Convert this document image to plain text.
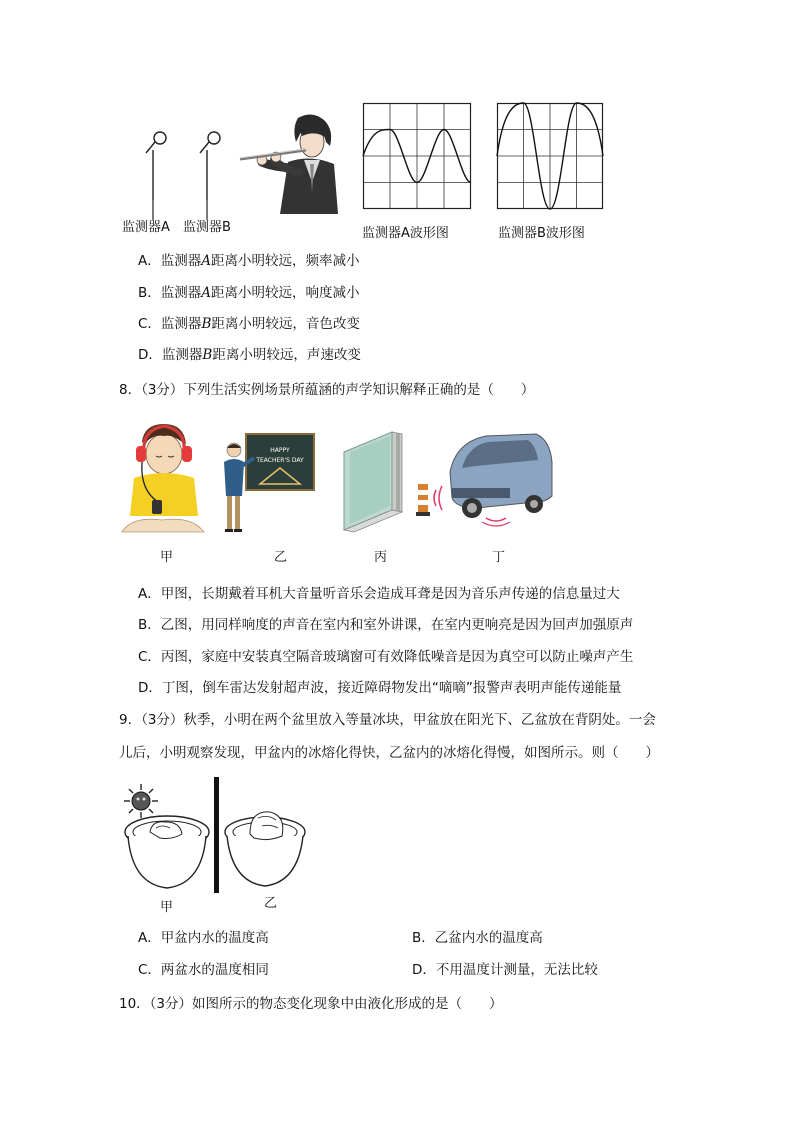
监测器A 监测器B	监测器A波形图	监测器B波形图
A．监测器A距离小明较远，频率减小
B．监测器A距离小明较远，响度减小
C．监测器B距离小明较远，音色改变
D．监测器B距离小明较远，声速改变
8．（3分）下列生活实例场景所蕴涵的声学知识解释正确的是（　　）
甲
HAPPY
TEACHER'S DAY
乙	丙	丁
A．甲图，长期戴着耳机大音量听音乐会造成耳聋是因为音乐声传递的信息量过大
B．乙图，用同样响度的声音在室内和室外讲课，在室内更响亮是因为回声加强原声
C．丙图，家庭中安装真空隔音玻璃窗可有效降低噪音是因为真空可以防止噪声产生
D．丁图，倒车雷达发射超声波，接近障碍物发出“嘀嘀”报警声表明声能传递能量
9．（3分）秋季，小明在两个盆里放入等量冰块，甲盆放在阳光下、乙盆放在背阴处。一会
儿后，小明观察发现，甲盆内的冰熔化得快，乙盆内的冰熔化得慢，如图所示。则（　　）
甲	乙
A．甲盆内水的温度高	B．乙盆内水的温度高
C．两盆水的温度相同	D．不用温度计测量，无法比较
10．（3分）如图所示的物态变化现象中由液化形成的是（　　）
